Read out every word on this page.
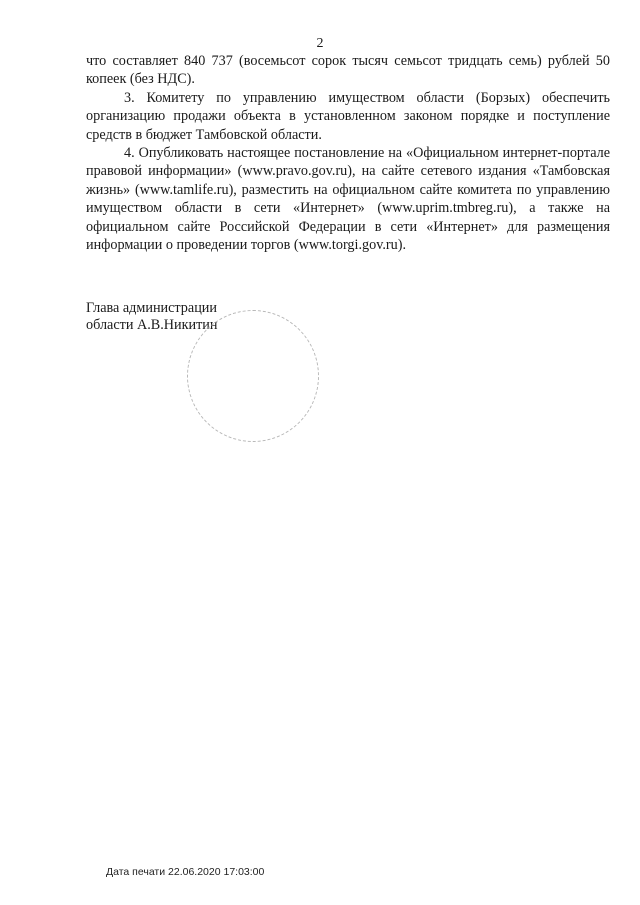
2

что составляет 840 737 (восемьсот сорок тысяч семьсот тридцать семь) рублей 50 копеек (без НДС).

3. Комитету по управлению имуществом области (Борзых) обеспечить организацию продажи объекта в установленном законом порядке и поступление средств в бюджет Тамбовской области.

4. Опубликовать настоящее постановление на «Официальном интернет-портале правовой информации» (www.pravo.gov.ru), на сайте сетевого издания «Тамбовская жизнь» (www.tamlife.ru), разместить на официальном сайте комитета по управлению имуществом области в сети «Интернет» (www.uprim.tmbreg.ru), а также на официальном сайте Российской Федерации в сети «Интернет» для размещения информации о проведении торгов (www.torgi.gov.ru).

Глава администрации
области А.В.Никитин
Дата печати 22.06.2020 17:03:00
